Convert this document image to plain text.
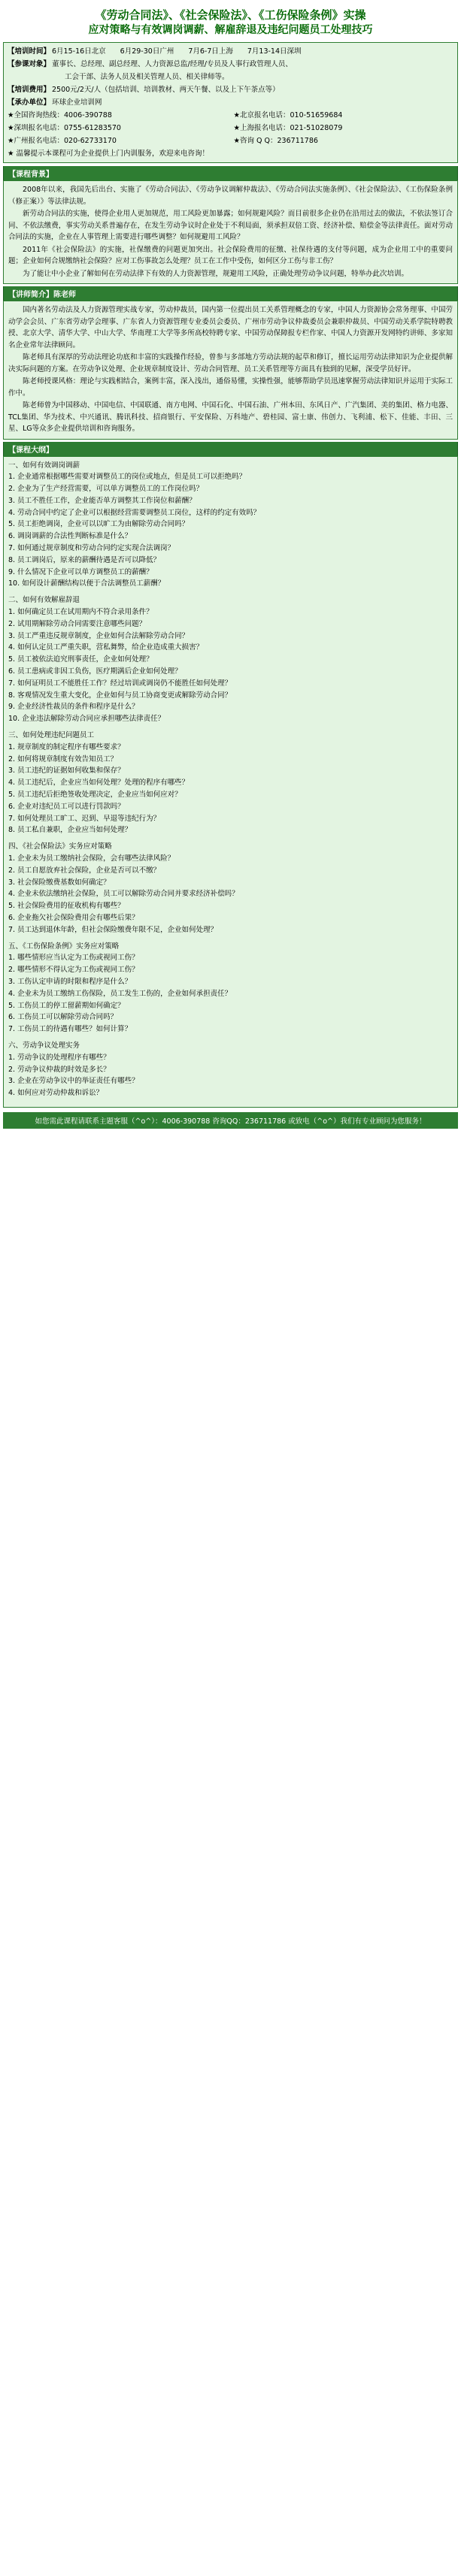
《劳动合同法》、《社会保险法》、《工伤保险条例》实操
应对策略与有效调岗调薪、解雇辞退及违纪问题员工处理技巧
【培训时间】 6月15-16日北京　　6月29-30日广州　　7月6-7日上海　　7月13-14日深圳
【参课对象】 董事长、总经理、副总经理、人力资源总监/经理/专员及人事行政管理人员、
工会干部、法务人员及相关管理人员、相关律师等。
【培训费用】 2500元/2天/人（包括培训、培训教材、两天午餐、以及上下午茶点等）
【承办单位】 环球企业培训网
★全国咨询热线：4006-390788	★北京报名电话：010-51659684
★深圳报名电话：0755-61283570	★上海报名电话：021-51028079
★广州报名电话：020-62733170	★咨询 Q Q：236711786
★ 温馨提示本课程可为企业提供上门内训服务，欢迎来电咨询！
【课程背景】

2008年以来，我国先后出台、实施了《劳动合同法》、《劳动争议调解仲裁法》、《劳动合同法实施条例》、《社会保险法》、《工伤保险条例（修正案）》等法律法规。

新劳动合同法的实施，使得企业用人更加规范，用工风险更加暴露；如何规避风险？而目前很多企业仍在沿用过去的做法，不依法签订合同、不依法缴费，事实劳动关系普遍存在，在发生劳动争议时企业处于不利局面，须承担双倍工资、经济补偿、赔偿金等法律责任。面对劳动合同法的实施，企业在人事管理上需要进行哪些调整？如何规避用工风险？

2011年《社会保险法》的实施，社保缴费的问题更加突出。社会保险费用的征缴、社保待遇的支付等问题，成为企业用工中的重要问题；企业如何合规缴纳社会保险？应对工伤事故怎么处理？员工在工作中受伤，如何区分工伤与非工伤？

为了能让中小企业了解如何在劳动法律下有效的人力资源管理，规避用工风险，正确处理劳动争议问题，特举办此次培训。

【讲师简介】陈老师

国内著名劳动法及人力资源管理实战专家，劳动仲裁员，国内第一位提出员工关系管理概念的专家，中国人力资源协会常务理事、中国劳动学会会员、广东省劳动学会理事、广东省人力资源管理专业委员会委员、广州市劳动争议仲裁委员会兼职仲裁员、中国劳动关系学院特聘教授、北京大学、清华大学、中山大学、华南理工大学等多所高校特聘专家、中国劳动保障报专栏作家、中国人力资源开发网特约讲师、多家知名企业常年法律顾问。

陈老师具有深厚的劳动法理论功底和丰富的实践操作经验，曾参与多部地方劳动法规的起草和修订，擅长运用劳动法律知识为企业提供解决实际问题的方案。在劳动争议处理、企业规章制度设计、劳动合同管理、员工关系管理等方面具有独到的见解，深受学员好评。

陈老师授课风格：理论与实践相结合，案例丰富，深入浅出，通俗易懂，实操性强，能够帮助学员迅速掌握劳动法律知识并运用于实际工作中。

陈老师曾为中国移动、中国电信、中国联通、南方电网、中国石化、中国石油、广州本田、东风日产、广汽集团、美的集团、格力电器、TCL集团、华为技术、中兴通讯、腾讯科技、招商银行、平安保险、万科地产、碧桂园、富士康、伟创力、飞利浦、松下、佳能、丰田、三星、LG等众多企业提供培训和咨询服务。

【课程大纲】
一、如何有效调岗调薪
1. 企业通常根据哪些需要对调整员工的岗位或地点，但是员工可以拒绝吗？
2. 企业为了生产经营需要，可以单方调整员工的工作岗位吗？
3. 员工不胜任工作，企业能否单方调整其工作岗位和薪酬？
4. 劳动合同中约定了企业可以根据经营需要调整员工岗位，这样的约定有效吗？
5. 员工拒绝调岗，企业可以以旷工为由解除劳动合同吗？
6. 调岗调薪的合法性判断标准是什么？
7. 如何通过规章制度和劳动合同约定实现合法调岗？
8. 员工调岗后，原来的薪酬待遇是否可以降低？
9. 什么情况下企业可以单方调整员工的薪酬？
10. 如何设计薪酬结构以便于合法调整员工薪酬？
二、如何有效解雇辞退
1. 如何确定员工在试用期内不符合录用条件？
2. 试用期解除劳动合同需要注意哪些问题？
3. 员工严重违反规章制度，企业如何合法解除劳动合同？
4. 如何认定员工严重失职，营私舞弊，给企业造成重大损害？
5. 员工被依法追究刑事责任，企业如何处理？
6. 员工患病或非因工负伤，医疗期满后企业如何处理？
7. 如何证明员工不能胜任工作？经过培训或调岗仍不能胜任如何处理？
8. 客观情况发生重大变化，企业如何与员工协商变更或解除劳动合同？
9. 企业经济性裁员的条件和程序是什么？
10. 企业违法解除劳动合同应承担哪些法律责任？
三、如何处理违纪问题员工
1. 规章制度的制定程序有哪些要求？
2. 如何将规章制度有效告知员工？
3. 员工违纪的证据如何收集和保存？
4. 员工违纪后，企业应当如何处理？处理的程序有哪些？
5. 员工违纪后拒绝签收处理决定，企业应当如何应对？
6. 企业对违纪员工可以进行罚款吗？
7. 如何处理员工旷工、迟到、早退等违纪行为？
8. 员工私自兼职，企业应当如何处理？
四、《社会保险法》实务应对策略
1. 企业未为员工缴纳社会保险，会有哪些法律风险？
2. 员工自愿放弃社会保险，企业是否可以不缴？
3. 社会保险缴费基数如何确定？
4. 企业未依法缴纳社会保险，员工可以解除劳动合同并要求经济补偿吗？
5. 社会保险费用的征收机构有哪些？
6. 企业拖欠社会保险费用会有哪些后果？
7. 员工达到退休年龄，但社会保险缴费年限不足，企业如何处理？
五、《工伤保险条例》实务应对策略
1. 哪些情形应当认定为工伤或视同工伤？
2. 哪些情形不得认定为工伤或视同工伤？
3. 工伤认定申请的时限和程序是什么？
4. 企业未为员工缴纳工伤保险，员工发生工伤的，企业如何承担责任？
5. 工伤员工的停工留薪期如何确定？
6. 工伤员工可以解除劳动合同吗？
7. 工伤员工的待遇有哪些？如何计算？
六、劳动争议处理实务
1. 劳动争议的处理程序有哪些？
2. 劳动争议仲裁的时效是多长？
3. 企业在劳动争议中的举证责任有哪些？
4. 如何应对劳动仲裁和诉讼？
如您需此课程请联系主题客服（^o^）：4006-390788 咨询QQ：236711786 或致电（^o^）我们有专业顾问为您服务！
